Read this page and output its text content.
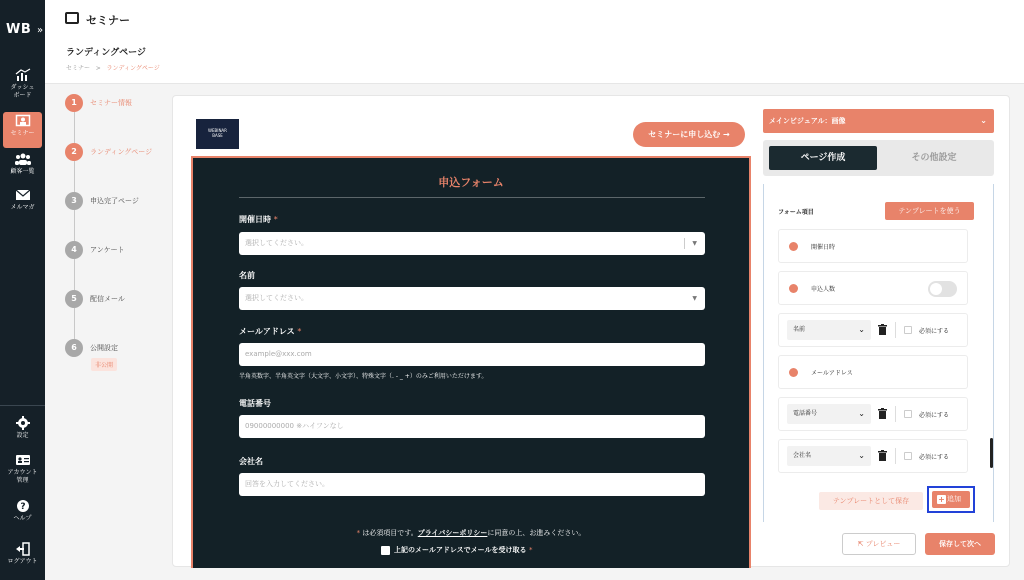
WB »
ダッシュ
ボード
セミナー
顧客一覧
メルマガ
設定
アカウント
管理
?
ヘルプ
ログアウト
セミナー
ランディングページ
セミナー > ランディングページ
1	セミナー情報
2	ランディングページ
3	申込完了ページ
4	アンケート
5	配信メール
6	公開設定
非公開
WEBINAR
BASE	セミナーに申し込む →
申込フォーム
開催日時 *
選択してください。	▼
名前
選択してください。	▼
メールアドレス *
example@xxx.com
半角英数字、半角英文字（大文字、小文字）、特殊文字（. - _ +）のみご利用いただけます。
電話番号
09000000000 ※ハイフンなし
会社名
回答を入力してください。
* は必須項目です。プライバシーポリシーに同意の上、お進みください。
上記のメールアドレスでメールを受け取る *
メインビジュアル：画像	⌄
ページ作成	その他設定
フォーム項目	テンプレートを使う
開催日時
申込人数
名前	⌄	必須にする
メールアドレス
電話番号	⌄	必須にする
会社名	⌄	必須にする
テンプレートとして保存	+ 追加
⇱ プレビュー	保存して次へ
